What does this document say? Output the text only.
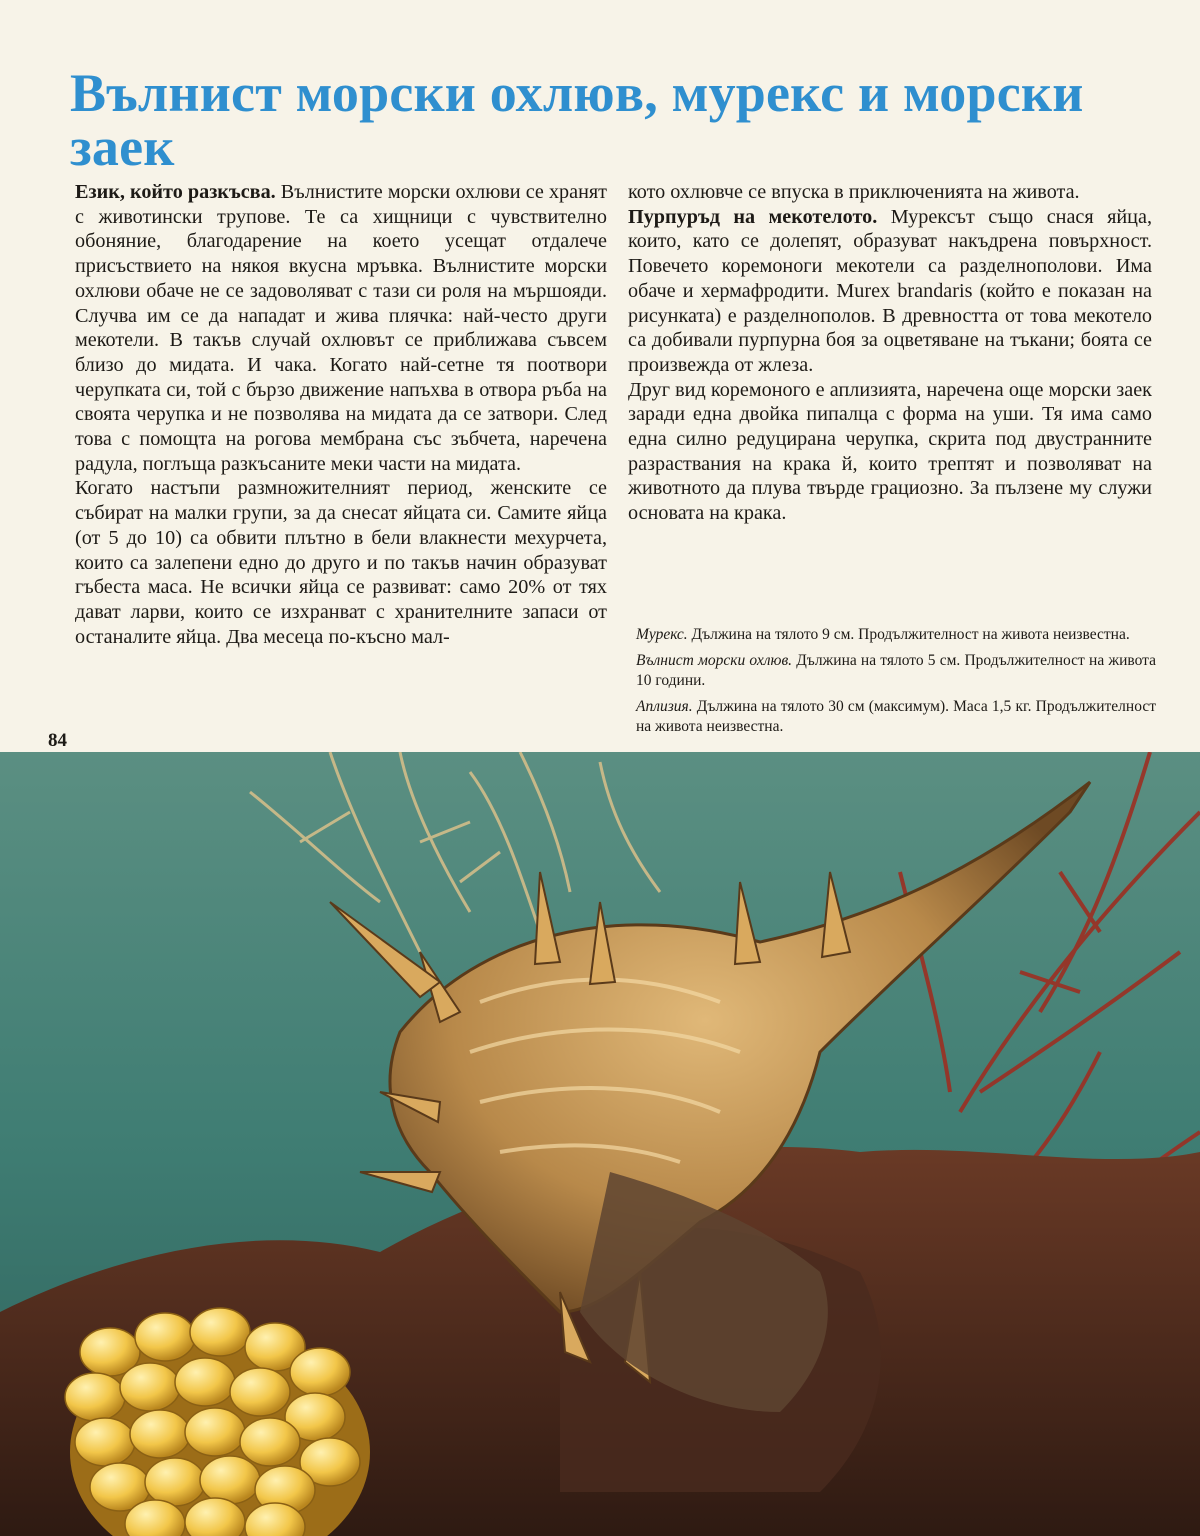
Вълнист морски охлюв, мурекс и морски заек

Език, който разкъсва. Вълнистите морски охлюви се хранят с животински трупове. Те са хищници с чувствително обоняние, благодарение на което усещат отдалече присъствието на някоя вкусна мръвка. Вълнистите морски охлюви обаче не се задоволяват с тази си роля на мършояди. Случва им се да нападат и жива плячка: най-често други мекотели. В такъв случай охлювът се приближава съвсем близо до мидата. И чака. Когато най-сетне тя поотвори черупката си, той с бързо движение напъхва в отвора ръба на своята черупка и не позволява на мидата да се затвори. След това с помощта на рогова мембрана със зъбчета, наречена радула, поглъща разкъсаните меки части на мидата.

Когато настъпи размножителният период, женските се събират на малки групи, за да снесат яйцата си. Самите яйца (от 5 до 10) са обвити плътно в бели влакнести мехурчета, които са залепени едно до друго и по такъв начин образуват гъбеста маса. Не всички яйца се развиват: само 20% от тях дават ларви, които се изхранват с хранителните запаси от останалите яйца. Два месеца по-късно мал-

кото охлювче се впуска в приключенията на живота.

Пурпуръд на мекотелото. Мурексът също снася яйца, които, като се долепят, образуват накъдрена повърхност. Повечето коремоноги мекотели са разделнополови. Има обаче и хермафродити. Murex brandaris (който е показан на рисунката) е разделнополов. В древността от това мекотело са добивали пурпурна боя за оцветяване на тъкани; боята се произвежда от жлеза.

Друг вид коремоного е аплизията, наречена още морски заек заради една двойка пипалца с форма на уши. Тя има само една силно редуцирана черупка, скрита под двустранните разраствания на крака й, които трептят и позволяват на животното да плува твърде грациозно. За пълзене му служи основата на крака.

Мурекс. Дължина на тялото 9 см. Продължителност на живота неизвестна.

Вълнист морски охлюв. Дължина на тялото 5 см. Продължителност на живота 10 години.

Аплизия. Дължина на тялото 30 см (максимум). Маса 1,5 кг. Продължителност на живота неизвестна.

84
